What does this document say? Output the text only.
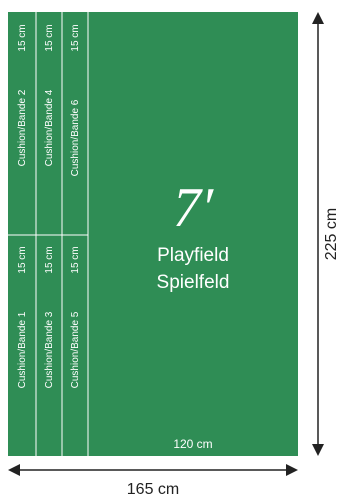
15 cm
Cushion/Bande 2
15 cm
Cushion/Bande 4
15 cm
Cushion/Bande 6
15 cm
Cushion/Bande 1
15 cm
Cushion/Bande 3
15 cm
Cushion/Bande 5
7′
Playfield
Spielfeld
120 cm
225 cm
165 cm
